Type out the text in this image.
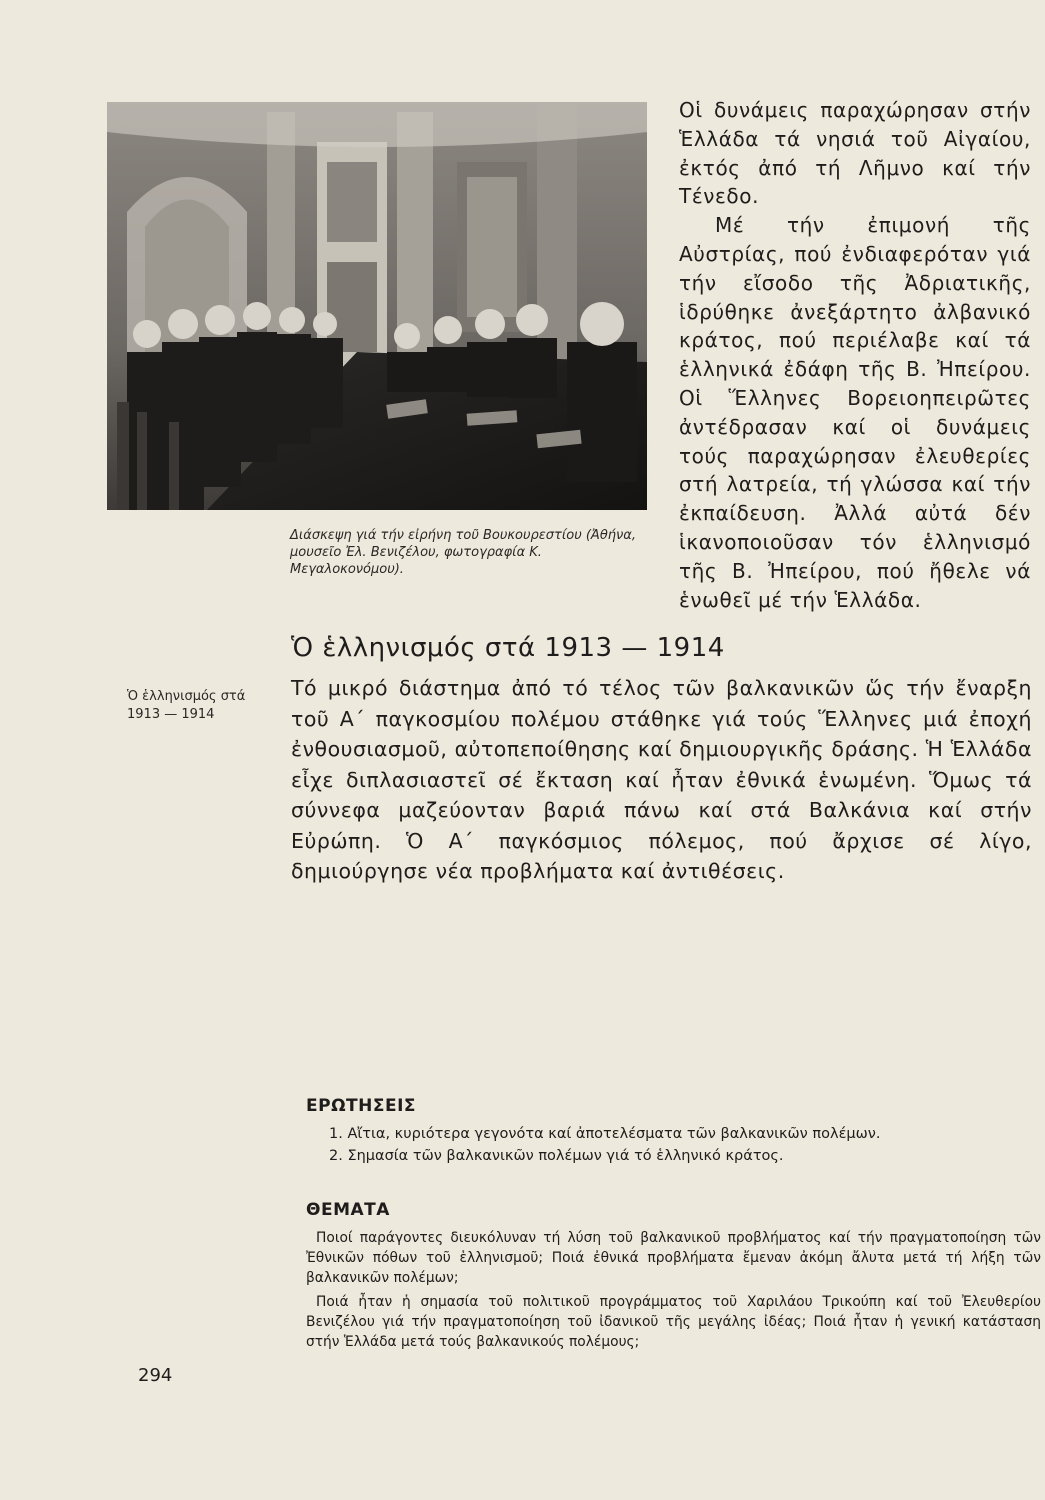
Διάσκεψη γιά τήν εἰρήνη τοῦ Βουκουρεστίου (Ἀθήνα, μουσεῖο Ἐλ. Βενιζέλου, φωτογραφία Κ. Μεγαλοκονόμου).

Οἱ δυνάμεις παραχώρησαν στήν Ἑλλάδα τά νησιά τοῦ Αἰγαίου, ἐκτός ἀπό τή Λῆμνο καί τήν Τένεδο.

Μέ τήν ἐπιμονή τῆς Αὐστρίας, πού ἐνδιαφερόταν γιά τήν εἴσοδο τῆς Ἀδριατικῆς, ἱδρύθηκε ἀνεξάρτητο ἀλβανικό κράτος, πού περιέλαβε καί τά ἑλληνικά ἐδάφη τῆς Β. Ἠπείρου. Οἱ Ἕλληνες Βορειοηπειρῶτες ἀντέδρασαν καί οἱ δυνάμεις τούς παραχώρησαν ἐλευθερίες στή λατρεία, τή γλώσσα καί τήν ἐκπαίδευση. Ἀλλά αὐτά δέν ἱκανοποιοῦσαν τόν ἑλληνισμό τῆς Β. Ἠπείρου, πού ἤθελε νά ἑνωθεῖ μέ τήν Ἑλλάδα.

Ὁ ἑλληνισμός στά 1913 — 1914
Ὁ ἑλληνισμός στά 1913 — 1914
Τό μικρό διάστημα ἀπό τό τέλος τῶν βαλκανικῶν ὥς τήν ἔναρξη τοῦ Α΄ παγκοσμίου πολέμου στάθηκε γιά τούς Ἕλληνες μιά ἐποχή ἐνθουσιασμοῦ, αὐτοπεποίθησης καί δημιουργικῆς δράσης. Ἡ Ἑλλάδα εἶχε διπλασιαστεῖ σέ ἔκταση καί ἦταν ἐθνικά ἑνωμένη. Ὅμως τά σύννεφα μαζεύονταν βαριά πάνω καί στά Βαλκάνια καί στήν Εὐρώπη. Ὁ Α΄ παγκόσμιος πόλεμος, πού ἄρχισε σέ λίγο, δημιούργησε νέα προβλήματα καί ἀντιθέσεις.
ΕΡΩΤΗΣΕΙΣ
1. Αἴτια, κυριότερα γεγονότα καί ἀποτελέσματα τῶν βαλκανικῶν πολέμων.
2. Σημασία τῶν βαλκανικῶν πολέμων γιά τό ἑλληνικό κράτος.
ΘΕΜΑΤΑ

Ποιοί παράγοντες διευκόλυναν τή λύση τοῦ βαλκανικοῦ προβλήματος καί τήν πραγματοποίηση τῶν Ἐθνικῶν πόθων τοῦ ἑλληνισμοῦ; Ποιά ἐθνικά προβλήματα ἔμεναν ἀκόμη ἄλυτα μετά τή λήξη τῶν βαλκανικῶν πολέμων;

Ποιά ἦταν ἡ σημασία τοῦ πολιτικοῦ προγράμματος τοῦ Χαριλάου Τρικούπη καί τοῦ Ἐλευθερίου Βενιζέλου γιά τήν πραγματοποίηση τοῦ ἰδανικοῦ τῆς μεγάλης ἰδέας; Ποιά ἦταν ἡ γενική κατάσταση στήν Ἑλλάδα μετά τούς βαλκανικούς πολέμους;

294
